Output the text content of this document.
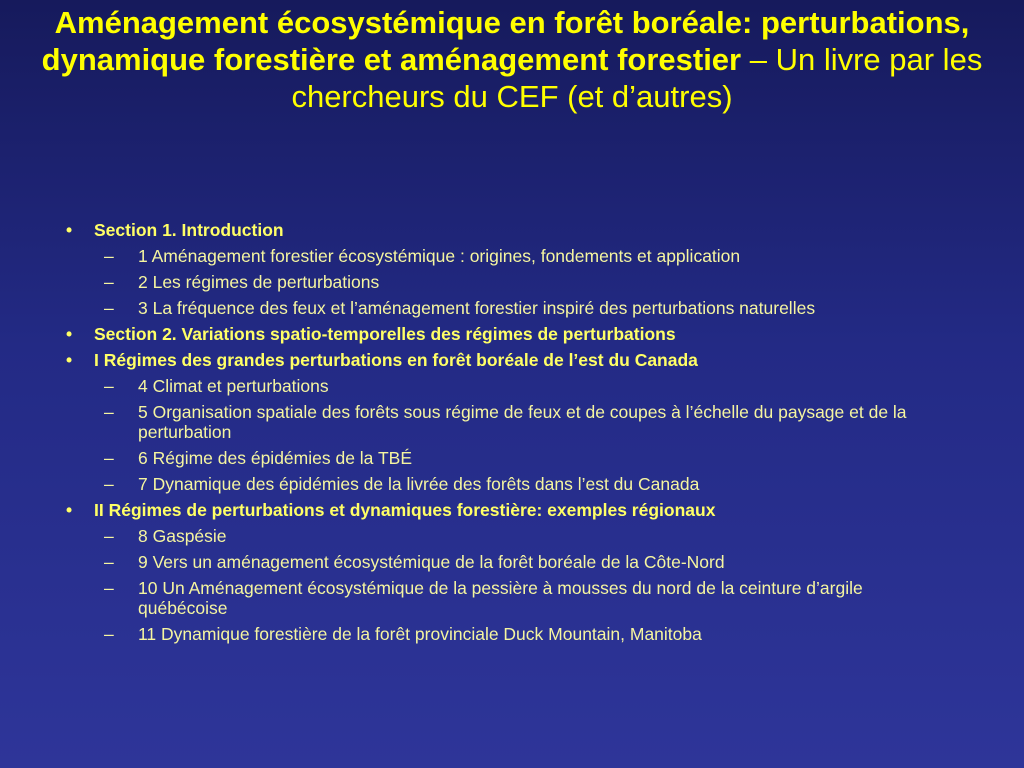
Aménagement écosystémique en forêt boréale: perturbations, dynamique forestière et aménagement forestier – Un livre par les chercheurs du CEF (et d’autres)
• Section 1. Introduction
– 1 Aménagement forestier écosystémique : origines, fondements et application
– 2 Les régimes de perturbations
– 3 La fréquence des feux et l’aménagement forestier inspiré des perturbations naturelles
• Section 2. Variations spatio-temporelles des régimes de perturbations
• I Régimes des grandes perturbations en forêt boréale de l’est du Canada
– 4 Climat et perturbations
– 5 Organisation spatiale des forêts sous régime de feux et de coupes à l’échelle du paysage et de la perturbation
– 6 Régime des épidémies de la TBÉ
– 7 Dynamique des épidémies de la livrée des forêts dans l’est du Canada
• II Régimes de perturbations et dynamiques forestière: exemples régionaux
– 8 Gaspésie
– 9 Vers un aménagement écosystémique de la forêt boréale de la Côte-Nord
– 10 Un Aménagement écosystémique de la pessière à mousses du nord de la ceinture d’argile québécoise
– 11 Dynamique forestière de la forêt provinciale Duck Mountain, Manitoba
